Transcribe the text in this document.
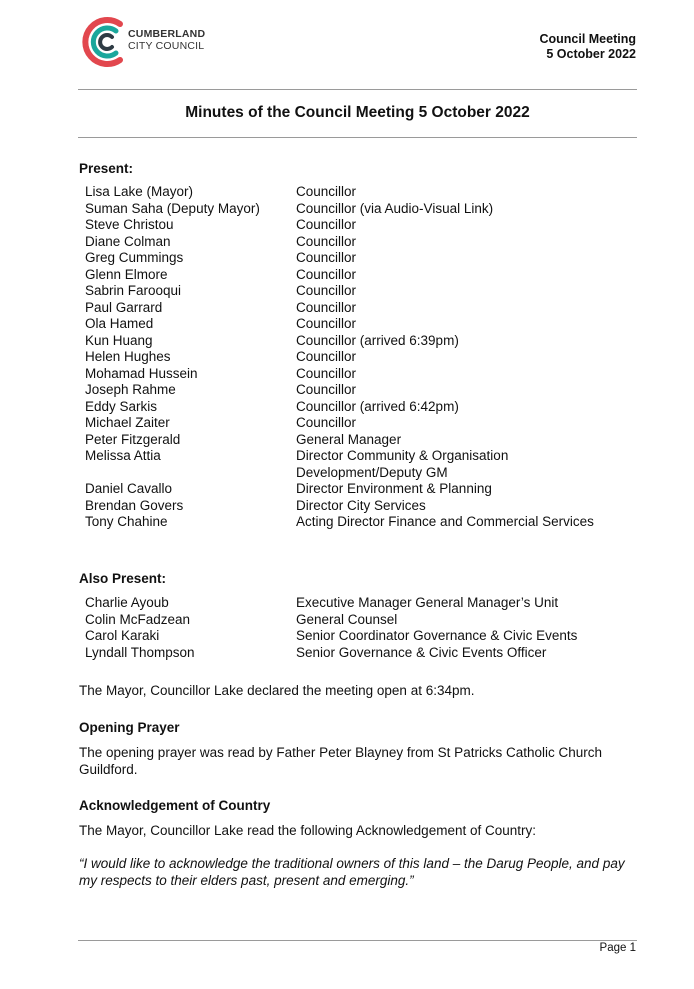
CUMBERLAND
CITY COUNCIL	Council Meeting
5 October 2022
Minutes of the Council Meeting 5 October 2022
Present:
Lisa Lake (Mayor)	Councillor
Suman Saha (Deputy Mayor)	Councillor (via Audio-Visual Link)
Steve Christou	Councillor
Diane Colman	Councillor
Greg Cummings	Councillor
Glenn Elmore	Councillor
Sabrin Farooqui	Councillor
Paul Garrard	Councillor
Ola Hamed	Councillor
Kun Huang	Councillor (arrived 6:39pm)
Helen Hughes	Councillor
Mohamad Hussein	Councillor
Joseph Rahme	Councillor
Eddy Sarkis	Councillor (arrived 6:42pm)
Michael Zaiter	Councillor
Peter Fitzgerald	General Manager
Melissa Attia	Director Community & Organisation Development/Deputy GM
Daniel Cavallo	Director Environment & Planning
Brendan Govers	Director City Services
Tony Chahine	Acting Director Finance and Commercial Services
Also Present:
Charlie Ayoub	Executive Manager General Manager’s Unit
Colin McFadzean	General Counsel
Carol Karaki	Senior Coordinator Governance & Civic Events
Lyndall Thompson	Senior Governance & Civic Events Officer
The Mayor, Councillor Lake declared the meeting open at 6:34pm.
Opening Prayer
The opening prayer was read by Father Peter Blayney from St Patricks Catholic Church Guildford.
Acknowledgement of Country
The Mayor, Councillor Lake read the following Acknowledgement of Country:
“I would like to acknowledge the traditional owners of this land – the Darug People, and pay my respects to their elders past, present and emerging.”
Page 1
